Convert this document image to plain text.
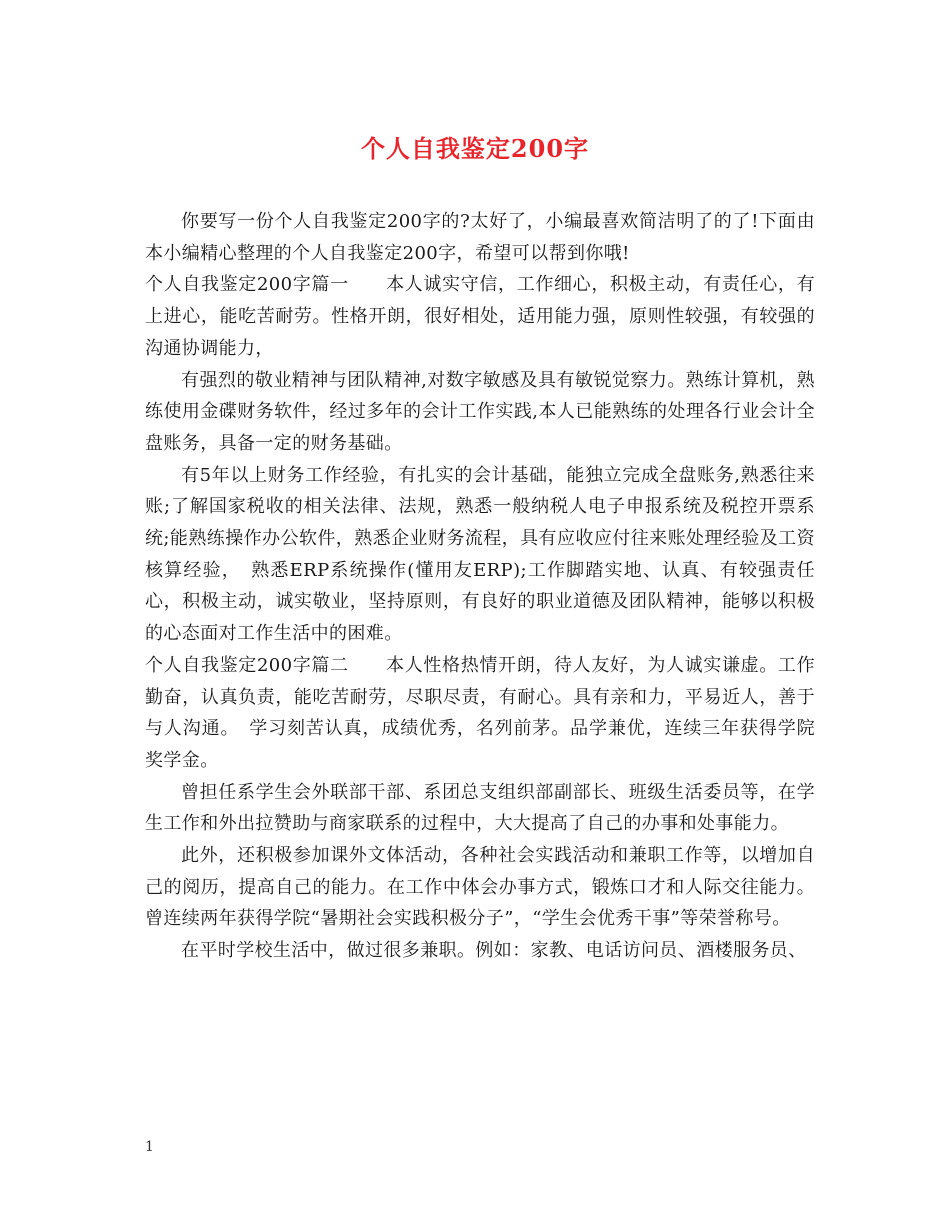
个人自我鉴定200字

你要写一份个人自我鉴定200字的?太好了，小编最喜欢简洁明了的了!下面由本小编精心整理的个人自我鉴定200字，希望可以帮到你哦!

个人自我鉴定200字篇一　　本人诚实守信，工作细心，积极主动，有责任心，有上进心，能吃苦耐劳。性格开朗，很好相处，适用能力强，原则性较强，有较强的沟通协调能力，

有强烈的敬业精神与团队精神,对数字敏感及具有敏锐觉察力。熟练计算机，熟练使用金碟财务软件，经过多年的会计工作实践,本人已能熟练的处理各行业会计全盘账务，具备一定的财务基础。

有5年以上财务工作经验，有扎实的会计基础，能独立完成全盘账务,熟悉往来账;了解国家税收的相关法律、法规，熟悉一般纳税人电子申报系统及税控开票系统;能熟练操作办公软件，熟悉企业财务流程，具有应收应付往来账处理经验及工资核算经验，　熟悉ERP系统操作(懂用友ERP);工作脚踏实地、认真、有较强责任心，积极主动，诚实敬业，坚持原则，有良好的职业道德及团队精神，能够以积极的心态面对工作生活中的困难。

个人自我鉴定200字篇二　　本人性格热情开朗，待人友好，为人诚实谦虚。工作勤奋，认真负责，能吃苦耐劳，尽职尽责，有耐心。具有亲和力，平易近人，善于与人沟通。　学习刻苦认真，成绩优秀，名列前茅。品学兼优，连续三年获得学院奖学金。

曾担任系学生会外联部干部、系团总支组织部副部长、班级生活委员等，在学生工作和外出拉赞助与商家联系的过程中，大大提高了自己的办事和处事能力。

此外，还积极参加课外文体活动，各种社会实践活动和兼职工作等，以增加自己的阅历，提高自己的能力。在工作中体会办事方式，锻炼口才和人际交往能力。曾连续两年获得学院“暑期社会实践积极分子”，“学生会优秀干事”等荣誉称号。

在平时学校生活中，做过很多兼职。例如：家教、电话访问员、酒楼服务员、

1
